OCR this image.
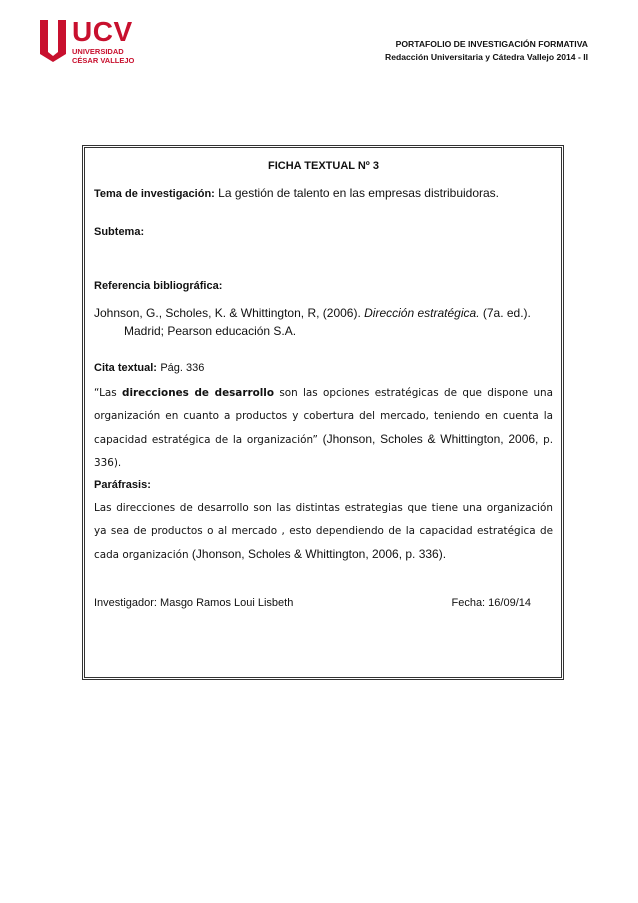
UCV
UNIVERSIDAD
CÉSAR VALLEJO
PORTAFOLIO DE INVESTIGACIÓN FORMATIVA
Redacción Universitaria y Cátedra Vallejo 2014 - II
FICHA TEXTUAL Nº 3
Tema de investigación: La gestión de talento en las empresas distribuidoras.
Subtema:
Referencia bibliográfica:
Johnson, G., Scholes, K. & Whittington, R, (2006). Dirección estratégica. (7a. ed.). Madrid; Pearson educación S.A.
Cita textual: Pág. 336
“Las direcciones de desarrollo son las opciones estratégicas de que dispone una organización en cuanto a productos y cobertura del mercado, teniendo en cuenta la capacidad estratégica de la organización” (Jhonson, Scholes & Whittington, 2006, p. 336).
Paráfrasis:
Las direcciones de desarrollo son las distintas estrategias que tiene una organización ya sea de productos o al mercado , esto dependiendo de la capacidad estratégica de cada organización (Jhonson, Scholes & Whittington, 2006, p. 336).
Investigador: Masgo Ramos Loui Lisbeth	Fecha: 16/09/14
